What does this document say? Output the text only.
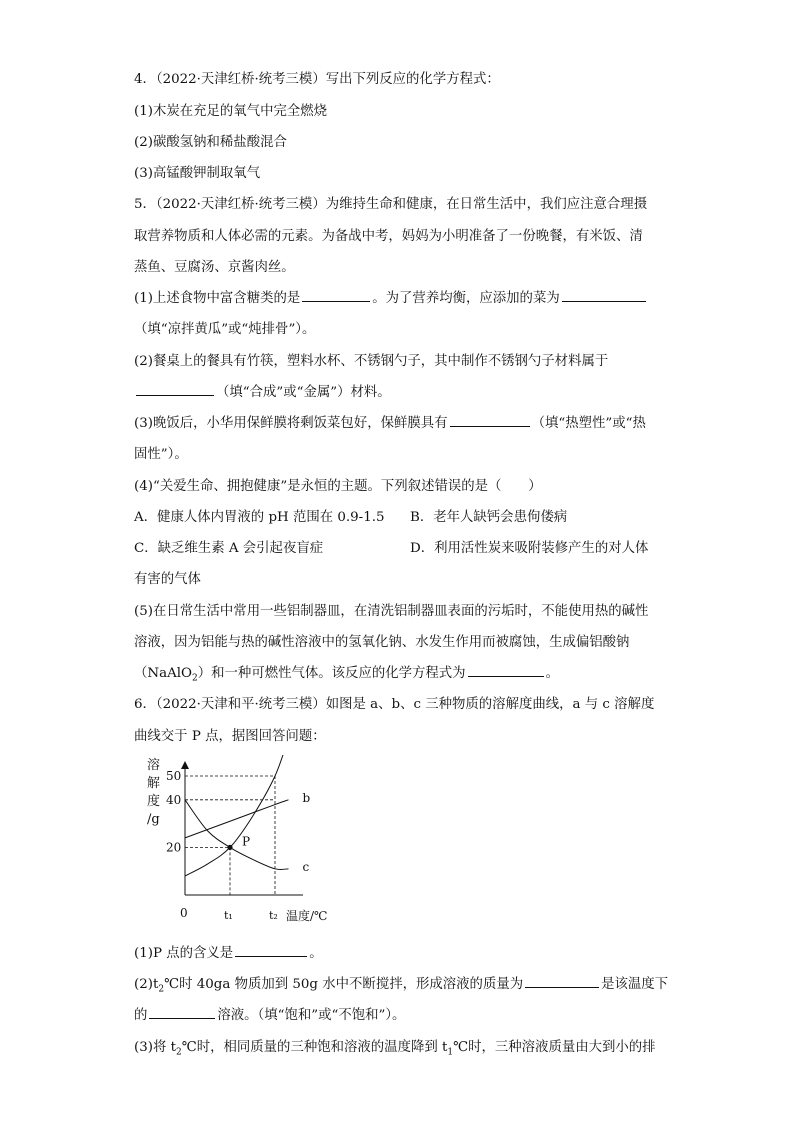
4．（2022·天津红桥·统考三模）写出下列反应的化学方程式：
(1)木炭在充足的氧气中完全燃烧
(2)碳酸氢钠和稀盐酸混合
(3)高锰酸钾制取氧气
5．（2022·天津红桥·统考三模）为维持生命和健康，在日常生活中，我们应注意合理摄
取营养物质和人体必需的元素。为备战中考，妈妈为小明准备了一份晚餐，有米饭、清
蒸鱼、豆腐汤、京酱肉丝。
(1)上述食物中富含糖类的是	。为了营养均衡，应添加的菜为
（填“凉拌黄瓜”或“炖排骨”）。
(2)餐桌上的餐具有竹筷，塑料水杯、不锈钢勺子，其中制作不锈钢勺子材料属于
（填“合成”或“金属”）材料。
(3)晚饭后，小华用保鲜膜将剩饭菜包好，保鲜膜具有	（填“热塑性”或“热
固性”）。
(4)“关爱生命、拥抱健康”是永恒的主题。下列叙述错误的是（　　）
A．健康人体内胃液的 pH 范围在 0.9-1.5 B．老年人缺钙会患佝偻病
C．缺乏维生素 A 会引起夜盲症	D．利用活性炭来吸附装修产生的对人体
有害的气体
(5)在日常生活中常用一些铝制器皿，在清洗铝制器皿表面的污垢时，不能使用热的碱性
溶液，因为铝能与热的碱性溶液中的氢氧化钠、水发生作用而被腐蚀，生成偏铝酸钠
（NaAlO$_2$）和一种可燃性气体。该反应的化学方程式为	。
6．（2022·天津和平·统考三模）如图是 a、b、c 三种物质的溶解度曲线，a 与 c 溶解度
曲线交于 P 点，据图回答问题：
溶
解
度
/g
温度/℃
0
50
40
20
t₁	t₂
b
c
P
(1)P 点的含义是	。
$(2)t_2℃$时 40ga 物质加到 50g 水中不断搅拌，形成溶液的质量为	是该温度下
的	溶液。（填“饱和”或“不饱和”）。
(3)将 $t_2℃$时，相同质量的三种饱和溶液的温度降到 $t_1℃$时，三种溶液质量由大到小的排
